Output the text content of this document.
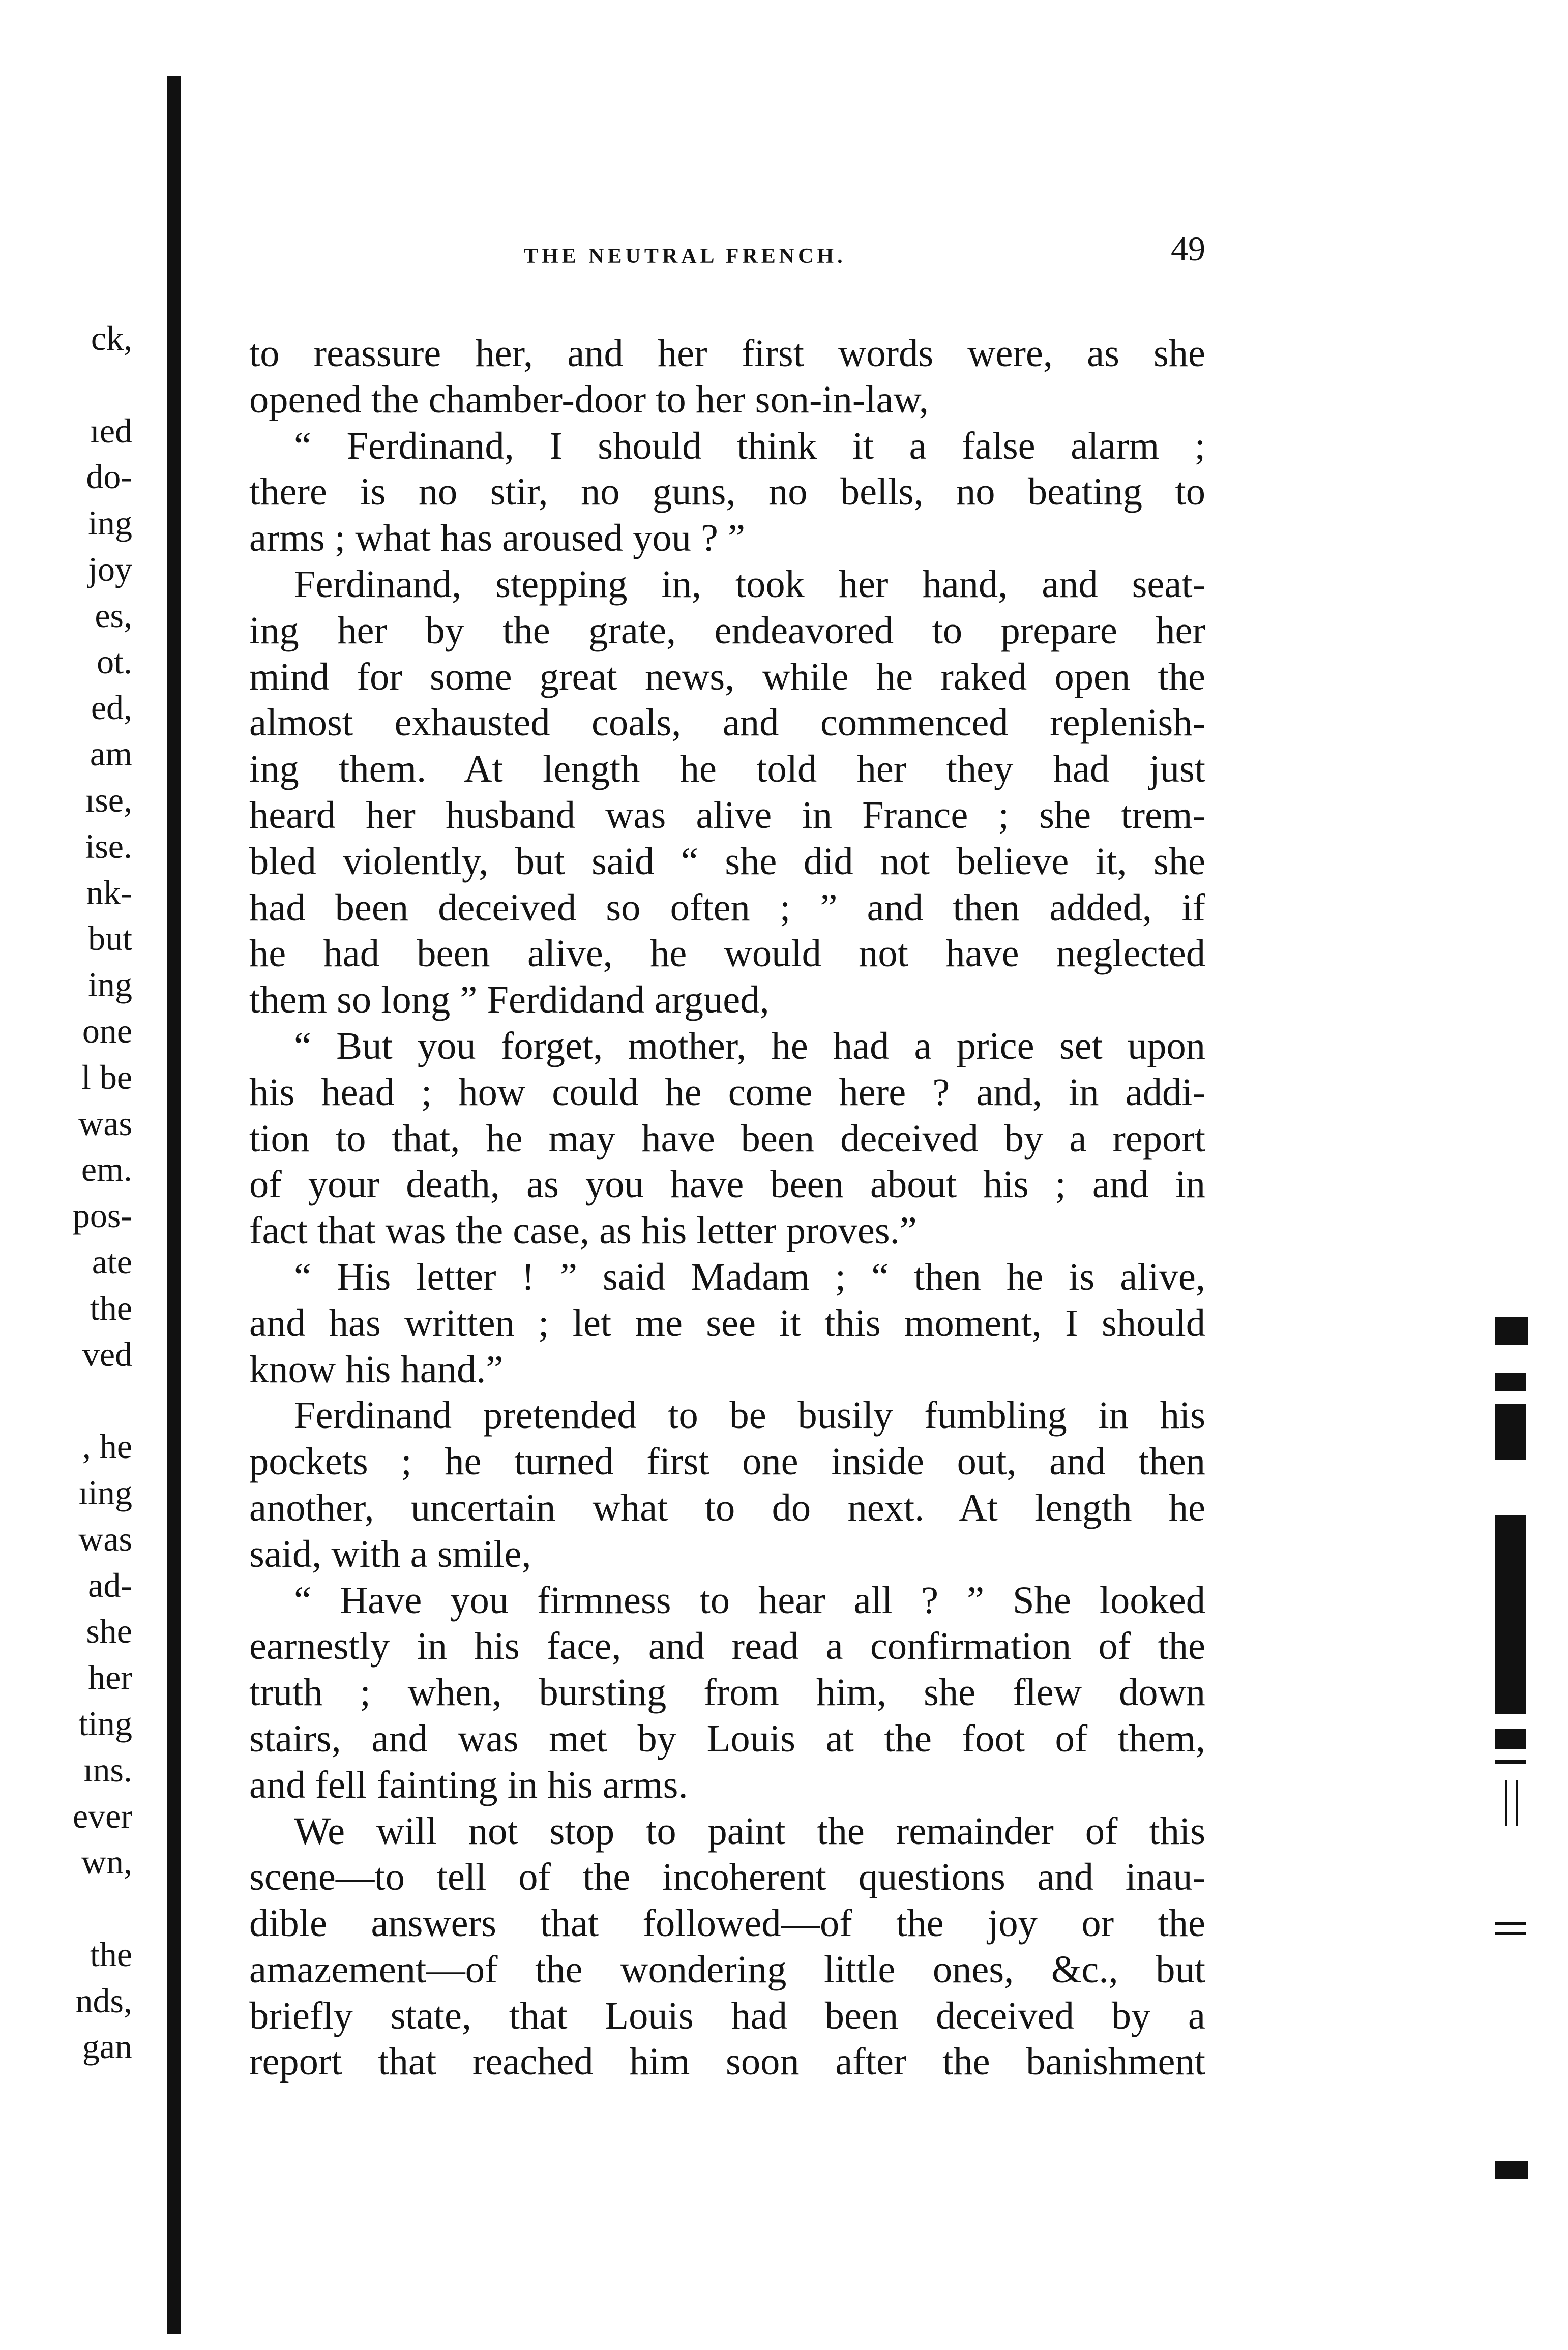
ck,
ıed
do-
ing
joy
es,
ot.
ed,
am
ıse,
ise.
nk-
but
ing
one
l be
was
em.
pos-
ate
the
ved
, he
ıing
was
ad-
she
her
ting
ıns.
ever
wn,
the
nds,
gan
THE NEUTRAL FRENCH.	49
to reassure her, and her first words were, as she
opened the chamber-door to her son-in-law,
“ Ferdinand, I should think it a false alarm ;
there is no stir, no guns, no bells, no beating to
arms ; what has aroused you ? ”
Ferdinand, stepping in, took her hand, and seat-
ing her by the grate, endeavored to prepare her
mind for some great news, while he raked open the
almost exhausted coals, and commenced replenish-
ing them. At length he told her they had just
heard her husband was alive in France ; she trem-
bled violently, but said “ she did not believe it, she
had been deceived so often ; ” and then added, if
he had been alive, he would not have neglected
them so long ” Ferdidand argued,
“ But you forget, mother, he had a price set upon
his head ; how could he come here ? and, in addi-
tion to that, he may have been deceived by a report
of your death, as you have been about his ; and in
fact that was the case, as his letter proves.”
“ His letter ! ” said Madam ; “ then he is alive,
and has written ; let me see it this moment, I should
know his hand.”
Ferdinand pretended to be busily fumbling in his
pockets ; he turned first one inside out, and then
another, uncertain what to do next. At length he
said, with a smile,
“ Have you firmness to hear all ? ” She looked
earnestly in his face, and read a confirmation of the
truth ; when, bursting from him, she flew down
stairs, and was met by Louis at the foot of them,
and fell fainting in his arms.
We will not stop to paint the remainder of this
scene—to tell of the incoherent questions and inau-
dible answers that followed—of the joy or the
amazement—of the wondering little ones, &c., but
briefly state, that Louis had been deceived by a
report that reached him soon after the banishment
